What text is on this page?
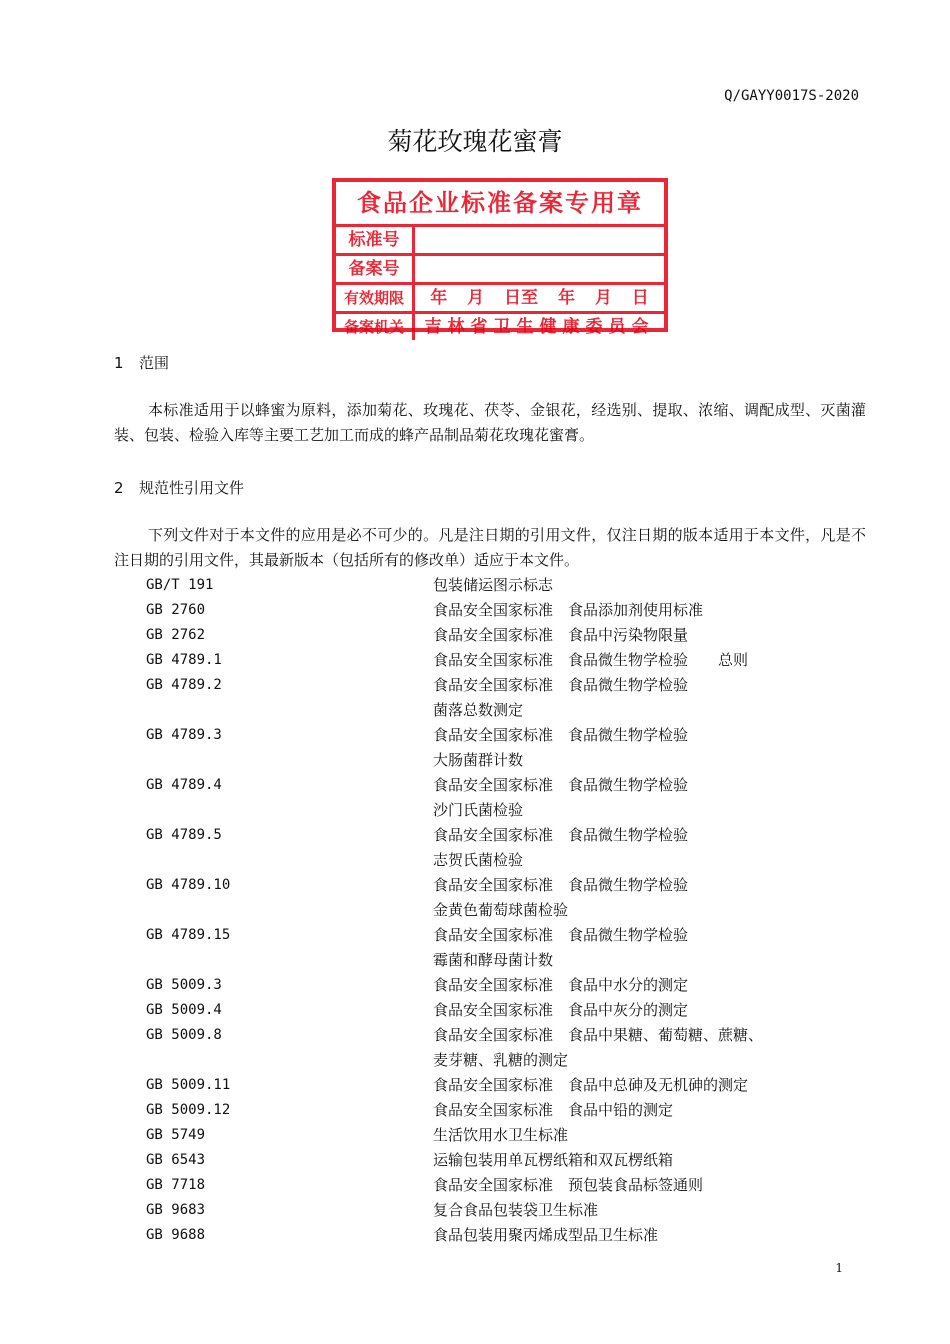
Q/GAYY0017S-2020
菊花玫瑰花蜜膏
食品企业标准备案专用章
标准号
备案号
有效期限	年 月 日至 年 月 日
备案机关	吉林省卫生健康委员会
1 范围
本标准适用于以蜂蜜为原料，添加菊花、玫瑰花、茯苓、金银花，经选别、提取、浓缩、调配成型、灭菌灌装、包装、检验入库等主要工艺加工而成的蜂产品制品菊花玫瑰花蜜膏。
2 规范性引用文件
下列文件对于本文件的应用是必不可少的。凡是注日期的引用文件，仅注日期的版本适用于本文件，凡是不注日期的引用文件，其最新版本（包括所有的修改单）适应于本文件。
GB/T 191	包装储运图示标志
GB 2760	食品安全国家标准　食品添加剂使用标准
GB 2762	食品安全国家标准　食品中污染物限量
GB 4789.1	食品安全国家标准　食品微生物学检验　　总则
GB 4789.2	食品安全国家标准　食品微生物学检验
菌落总数测定
GB 4789.3	食品安全国家标准　食品微生物学检验
大肠菌群计数
GB 4789.4	食品安全国家标准　食品微生物学检验
沙门氏菌检验
GB 4789.5	食品安全国家标准　食品微生物学检验
志贺氏菌检验
GB 4789.10	食品安全国家标准　食品微生物学检验
金黄色葡萄球菌检验
GB 4789.15	食品安全国家标准　食品微生物学检验
霉菌和酵母菌计数
GB 5009.3	食品安全国家标准　食品中水分的测定
GB 5009.4	食品安全国家标准　食品中灰分的测定
GB 5009.8	食品安全国家标准　食品中果糖、葡萄糖、蔗糖、
麦芽糖、乳糖的测定
GB 5009.11	食品安全国家标准　食品中总砷及无机砷的测定
GB 5009.12	食品安全国家标准　食品中铅的测定
GB 5749	生活饮用水卫生标准
GB 6543	运输包装用单瓦楞纸箱和双瓦楞纸箱
GB 7718	食品安全国家标准　预包装食品标签通则
GB 9683	复合食品包装袋卫生标准
GB 9688	食品包装用聚丙烯成型品卫生标准
1
